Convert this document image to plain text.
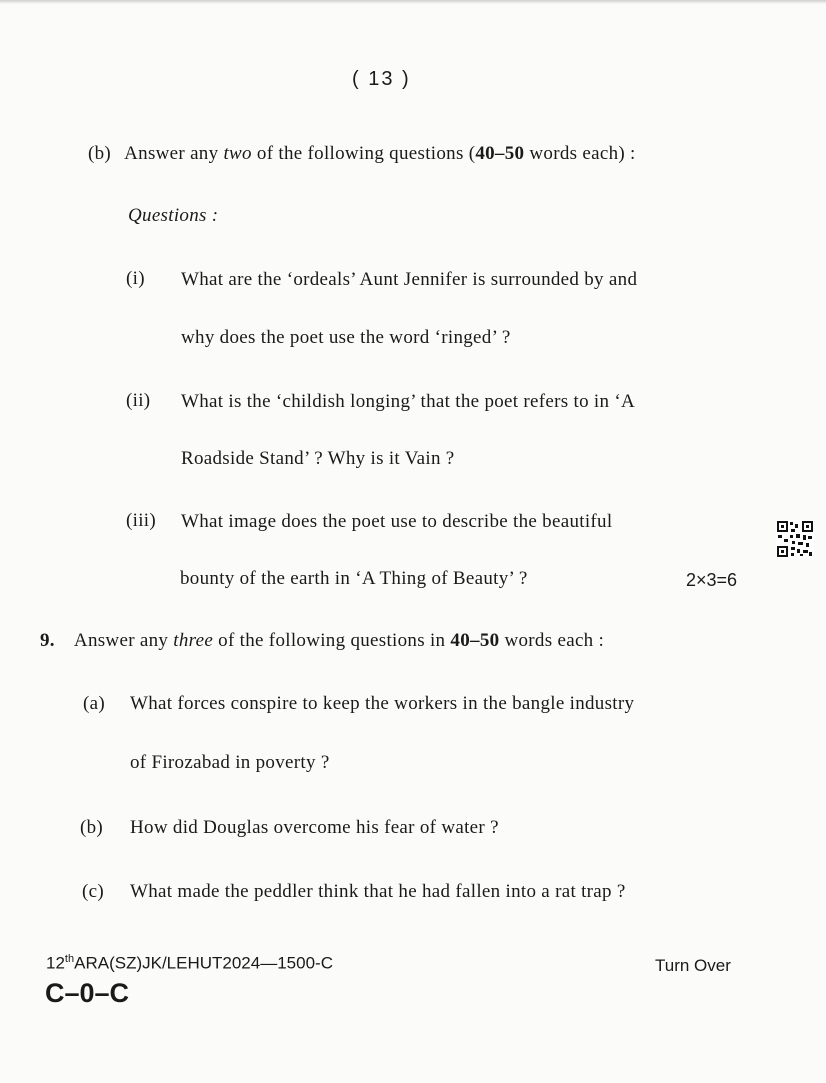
( 13 )
(b) Answer any two of the following questions (40–50 words each) :
Questions :
(i) What are the ‘ordeals’ Aunt Jennifer is surrounded by and
why does the poet use the word ‘ringed’ ?
(ii) What is the ‘childish longing’ that the poet refers to in ‘A
Roadside Stand’ ? Why is it Vain ?
(iii) What image does the poet use to describe the beautiful
bounty of the earth in ‘A Thing of Beauty’ ?	2×3=6
9. Answer any three of the following questions in 40–50 words each :
(a) What forces conspire to keep the workers in the bangle industry
of Firozabad in poverty ?
(b) How did Douglas overcome his fear of water ?
(c) What made the peddler think that he had fallen into a rat trap ?
12thARA(SZ)JK/LEHUT2024—1500-C
C–0–C
Turn Over
